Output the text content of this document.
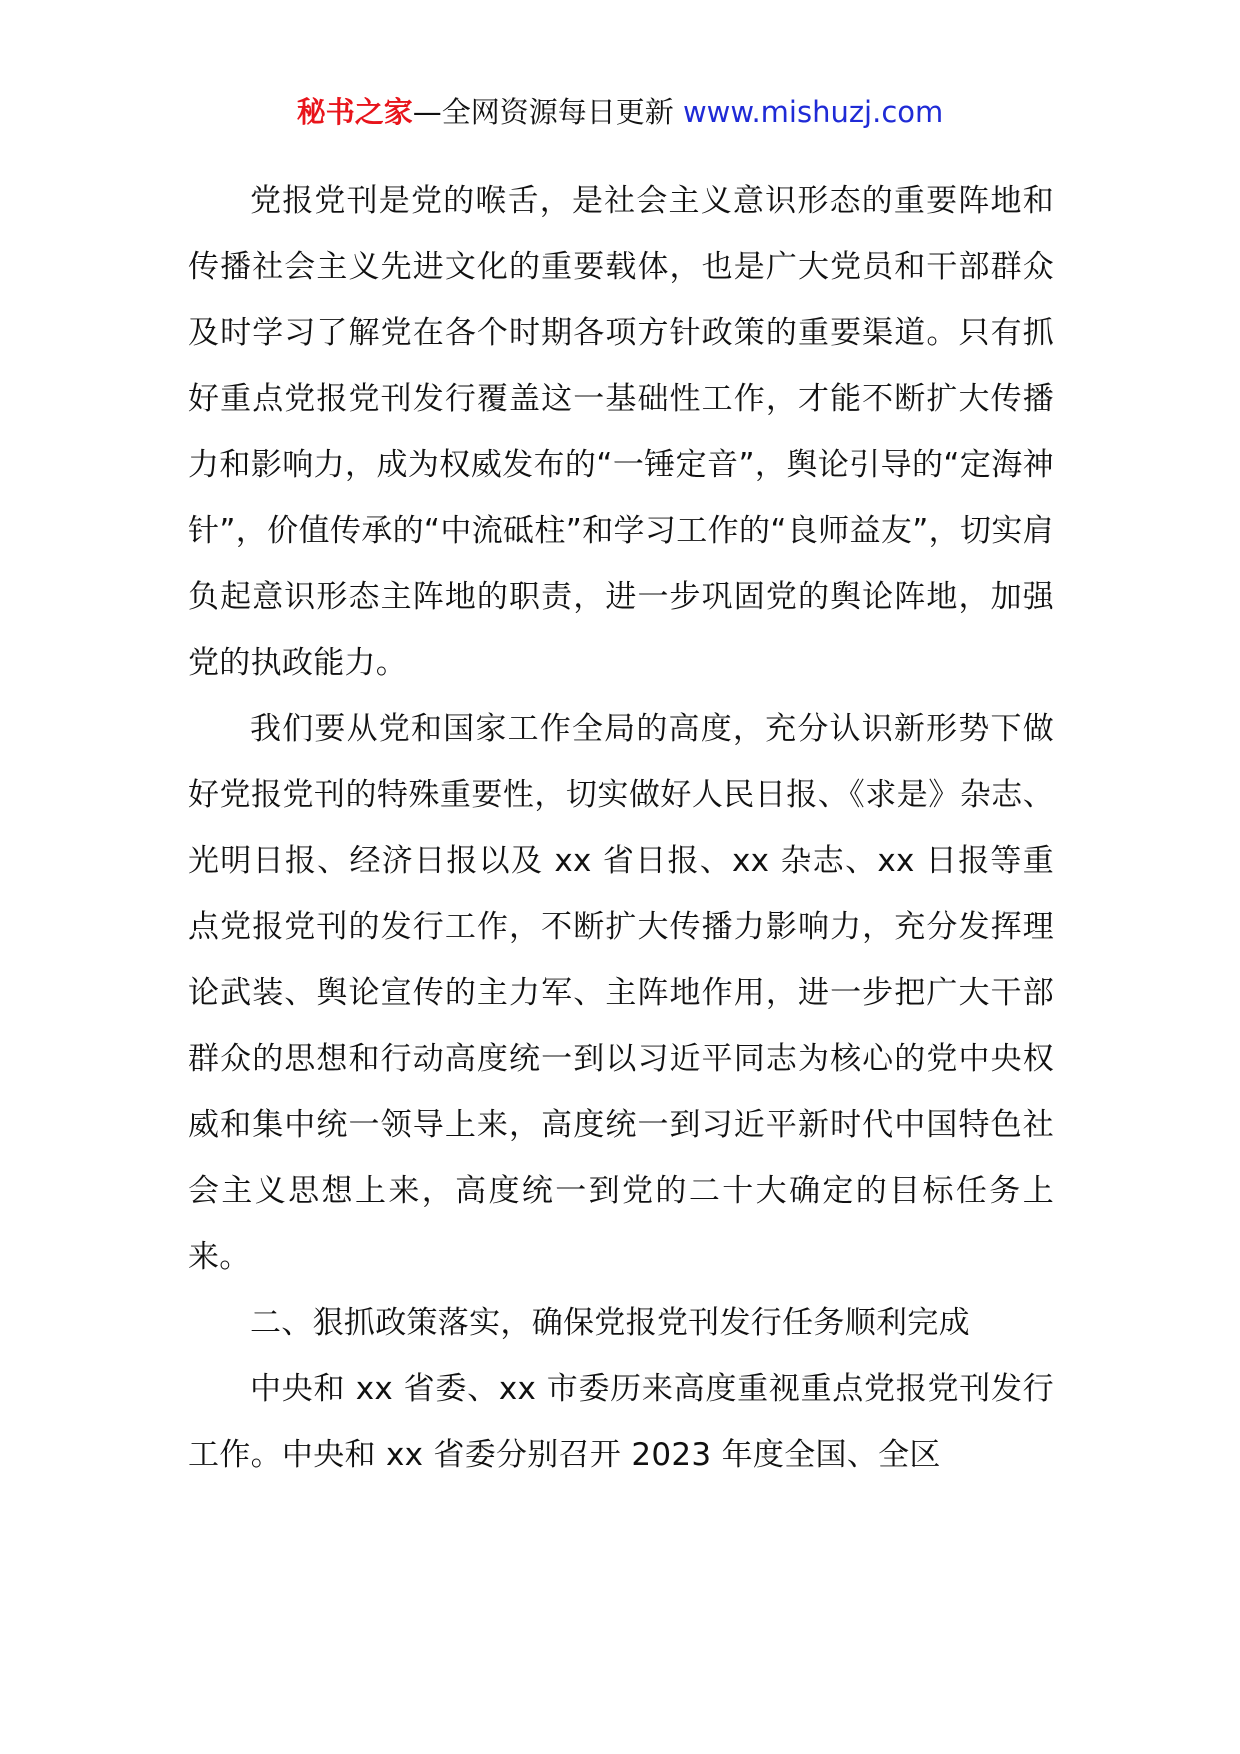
秘书之家—全网资源每日更新 www.mishuzj.com

党报党刊是党的喉舌，是社会主义意识形态的重要阵地和传播社会主义先进文化的重要载体，也是广大党员和干部群众及时学习了解党在各个时期各项方针政策的重要渠道。只有抓好重点党报党刊发行覆盖这一基础性工作，才能不断扩大传播力和影响力，成为权威发布的“一锤定音”，舆论引导的“定海神针”，价值传承的“中流砥柱”和学习工作的“良师益友”，切实肩负起意识形态主阵地的职责，进一步巩固党的舆论阵地，加强党的执政能力。

我们要从党和国家工作全局的高度，充分认识新形势下做好党报党刊的特殊重要性，切实做好人民日报、《求是》杂志、光明日报、经济日报以及 xx 省日报、xx 杂志、xx 日报等重点党报党刊的发行工作，不断扩大传播力影响力，充分发挥理论武装、舆论宣传的主力军、主阵地作用，进一步把广大干部群众的思想和行动高度统一到以习近平同志为核心的党中央权威和集中统一领导上来，高度统一到习近平新时代中国特色社会主义思想上来，高度统一到党的二十大确定的目标任务上来。

二、狠抓政策落实，确保党报党刊发行任务顺利完成

中央和 xx 省委、xx 市委历来高度重视重点党报党刊发行工作。中央和 xx 省委分别召开 2023 年度全国、全区
